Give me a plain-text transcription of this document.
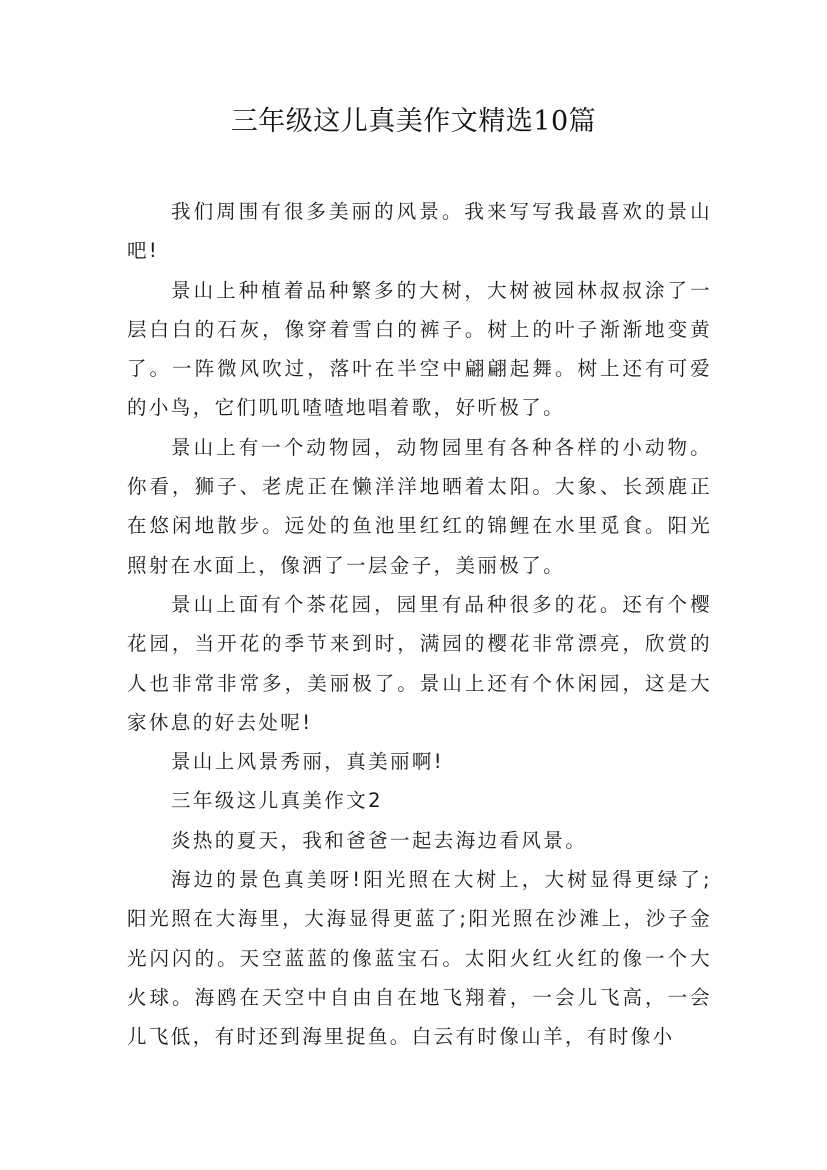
三年级这儿真美作文精选10篇

我们周围有很多美丽的风景。我来写写我最喜欢的景山吧!

景山上种植着品种繁多的大树，大树被园林叔叔涂了一层白白的石灰，像穿着雪白的裤子。树上的叶子渐渐地变黄了。一阵微风吹过，落叶在半空中翩翩起舞。树上还有可爱的小鸟，它们叽叽喳喳地唱着歌，好听极了。

景山上有一个动物园，动物园里有各种各样的小动物。你看，狮子、老虎正在懒洋洋地晒着太阳。大象、长颈鹿正在悠闲地散步。远处的鱼池里红红的锦鲤在水里觅食。阳光照射在水面上，像洒了一层金子，美丽极了。

景山上面有个茶花园，园里有品种很多的花。还有个樱花园，当开花的季节来到时，满园的樱花非常漂亮，欣赏的人也非常非常多，美丽极了。景山上还有个休闲园，这是大家休息的好去处呢!

景山上风景秀丽，真美丽啊!

三年级这儿真美作文2

炎热的夏天，我和爸爸一起去海边看风景。

海边的景色真美呀!阳光照在大树上，大树显得更绿了;阳光照在大海里，大海显得更蓝了;阳光照在沙滩上，沙子金光闪闪的。天空蓝蓝的像蓝宝石。太阳火红火红的像一个大火球。海鸥在天空中自由自在地飞翔着，一会儿飞高，一会儿飞低，有时还到海里捉鱼。白云有时像山羊，有时像小
